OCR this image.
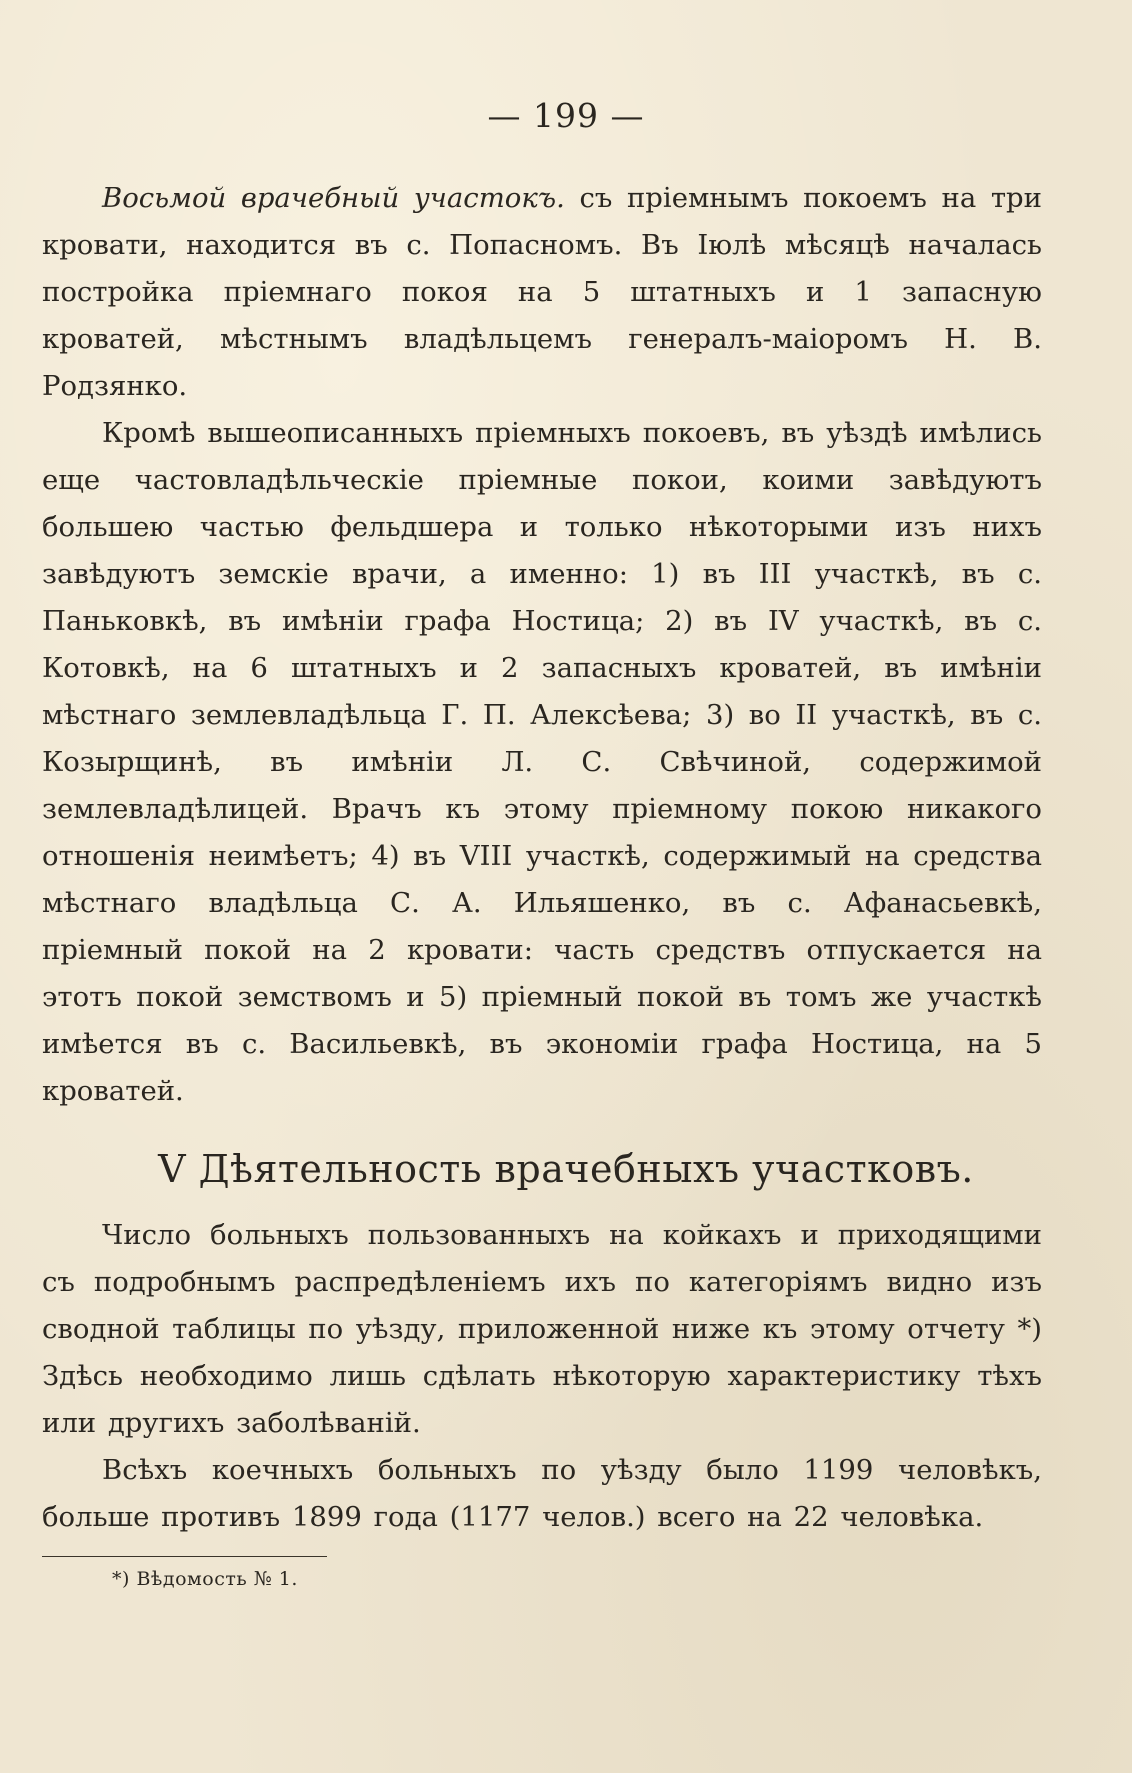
— 199 —

Восьмой врачебный участокъ. съ пріемнымъ покоемъ на три кровати, находится въ с. Попасномъ. Въ Іюлѣ мѣсяцѣ началась постройка пріемнаго покоя на 5 штатныхъ и 1 запасную кроватей, мѣстнымъ владѣльцемъ генералъ-маіоромъ Н. В. Родзянко.

Кромѣ вышеописанныхъ пріемныхъ покоевъ, въ уѣздѣ имѣлись еще частовладѣльческіе пріемные покои, коими завѣдуютъ большею частью фельдшера и только нѣкоторыми изъ нихъ завѣдуютъ земскіе врачи, а именно: 1) въ III участкѣ, въ с. Паньковкѣ, въ имѣніи графа Ностица; 2) въ IV участкѣ, въ с. Котовкѣ, на 6 штатныхъ и 2 запасныхъ кроватей, въ имѣніи мѣстнаго землевладѣльца Г. П. Алексѣева; 3) во II участкѣ, въ с. Козырщинѣ, въ имѣніи Л. С. Свѣчиной, содержимой землевладѣлицей. Врачъ къ этому пріемному покою никакого отношенія неимѣетъ; 4) въ VIII участкѣ, содержимый на средства мѣстнаго владѣльца С. А. Ильяшенко, въ с. Афанасьевкѣ, пріемный покой на 2 кровати: часть средствъ отпускается на этотъ покой земствомъ и 5) пріемный покой въ томъ же участкѣ имѣется въ с. Васильевкѣ, въ экономіи графа Ностица, на 5 кроватей.

V Дѣятельность врачебныхъ участковъ.

Число больныхъ пользованныхъ на койкахъ и приходящими съ подробнымъ распредѣленіемъ ихъ по категоріямъ видно изъ сводной таблицы по уѣзду, приложенной ниже къ этому отчету *) Здѣсь необходимо лишь сдѣлать нѣкоторую характеристику тѣхъ или другихъ заболѣваній.

Всѣхъ коечныхъ больныхъ по уѣзду было 1199 человѣкъ, больше противъ 1899 года (1177 челов.) всего на 22 человѣка.

*) Вѣдомость № 1.
